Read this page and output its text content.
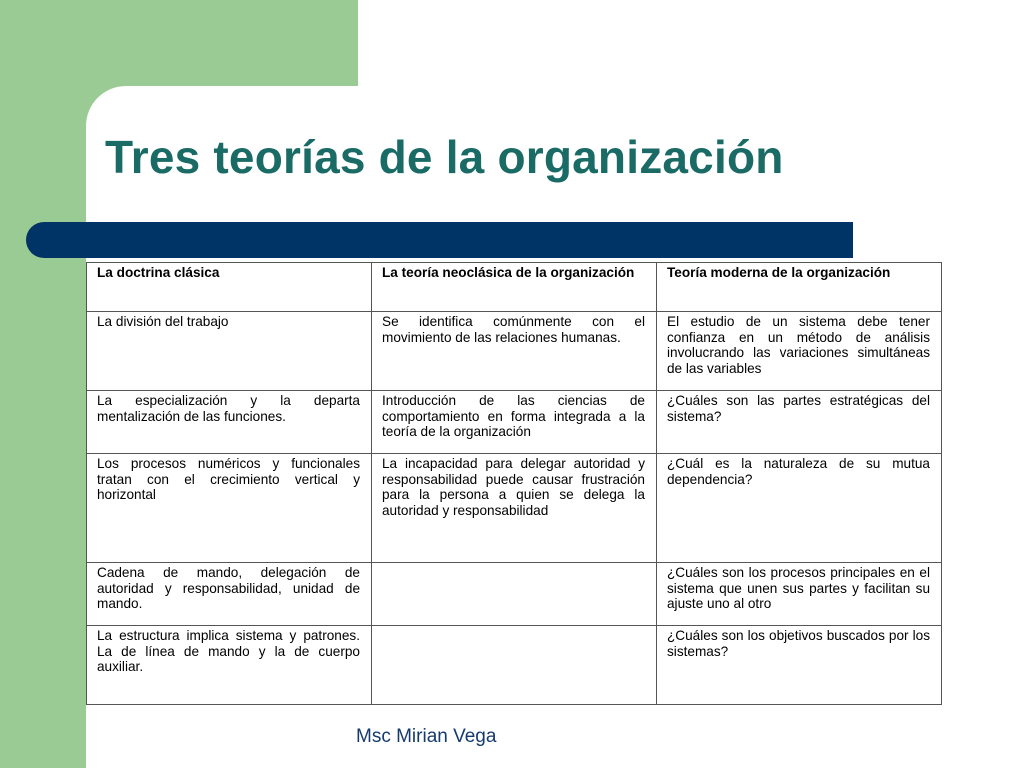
Tres teorías de la organización
La doctrina clásica	La teoría neoclásica de la organización	Teoría moderna de la organización
La división del trabajo	Se identifica comúnmente con el movimiento de las relaciones humanas.	El estudio de un sistema debe tener confianza en un método de análisis involucrando las variaciones simultáneas de las variables
La especialización y la departa mentalización de las funciones.	Introducción de las ciencias de comportamiento en forma integrada a la teoría de la organización	¿Cuáles son las partes estratégicas del sistema?
Los procesos numéricos y funcionales tratan con el crecimiento vertical y horizontal	La incapacidad para delegar autoridad y responsabilidad puede causar frustración para la persona a quien se delega la autoridad y responsabilidad	¿Cuál es la naturaleza de su mutua dependencia?
Cadena de mando, delegación de autoridad y responsabilidad, unidad de mando.		¿Cuáles son los procesos principales en el sistema que unen sus partes y facilitan su ajuste uno al otro
La estructura implica sistema y patrones. La de línea de mando y la de cuerpo auxiliar.		¿Cuáles son los objetivos buscados por los sistemas?
Msc Mirian Vega
